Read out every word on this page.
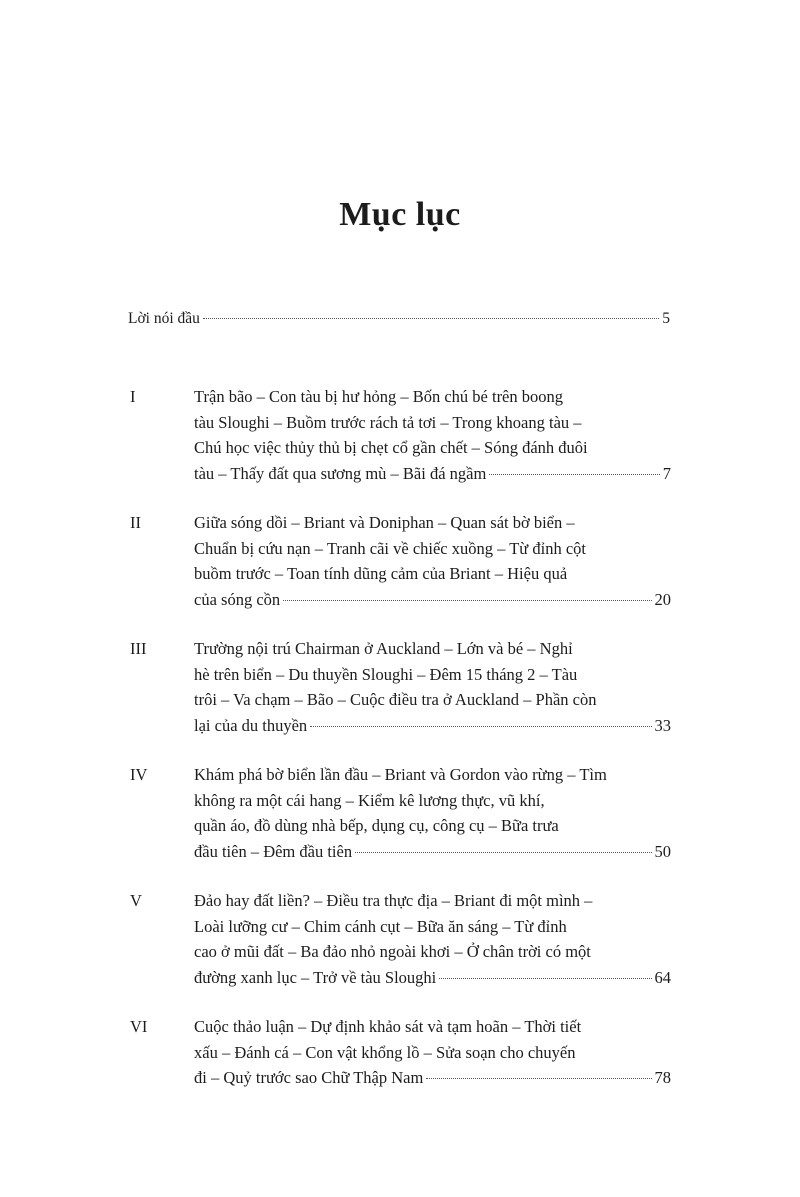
Mục lục
Lời nói đầu	5
I	Trận bão – Con tàu bị hư hỏng – Bốn chú bé trên boong
tàu Sloughi – Buồm trước rách tả tơi – Trong khoang tàu –
Chú học việc thủy thủ bị chẹt cổ gần chết – Sóng đánh đuôi
tàu – Thấy đất qua sương mù – Bãi đá ngầm	7
II	Giữa sóng dồi – Briant và Doniphan – Quan sát bờ biển –
Chuẩn bị cứu nạn – Tranh cãi về chiếc xuồng – Từ đỉnh cột
buồm trước – Toan tính dũng cảm của Briant – Hiệu quả
của sóng cồn	20
III	Trường nội trú Chairman ở Auckland – Lớn và bé – Nghỉ
hè trên biển – Du thuyền Sloughi – Đêm 15 tháng 2 – Tàu
trôi – Va chạm – Bão – Cuộc điều tra ở Auckland – Phần còn
lại của du thuyền	33
IV	Khám phá bờ biển lần đầu – Briant và Gordon vào rừng – Tìm
không ra một cái hang – Kiểm kê lương thực, vũ khí,
quần áo, đồ dùng nhà bếp, dụng cụ, công cụ – Bữa trưa
đầu tiên – Đêm đầu tiên	50
V	Đảo hay đất liền? – Điều tra thực địa – Briant đi một mình –
Loài lưỡng cư – Chim cánh cụt – Bữa ăn sáng – Từ đỉnh
cao ở mũi đất – Ba đảo nhỏ ngoài khơi – Ở chân trời có một
đường xanh lục – Trở về tàu Sloughi	64
VI	Cuộc thảo luận – Dự định khảo sát và tạm hoãn – Thời tiết
xấu – Đánh cá – Con vật khổng lồ – Sửa soạn cho chuyến
đi – Quỷ trước sao Chữ Thập Nam	78
